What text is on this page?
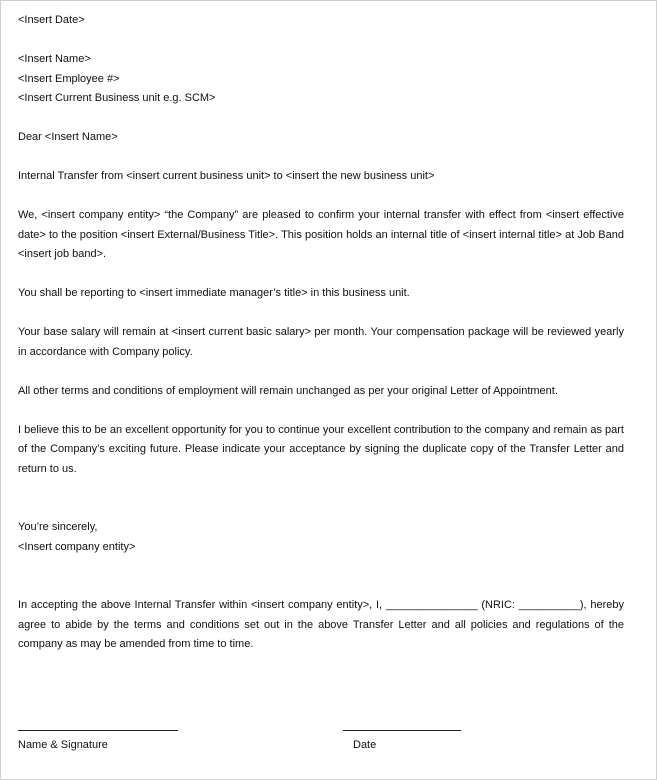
<Insert Date>
<Insert Name>
<Insert Employee #>
<Insert Current Business unit e.g. SCM>
Dear <Insert Name>
Internal Transfer from <insert current business unit> to <insert the new business unit>
We, <insert company entity> “the Company” are pleased to confirm your internal transfer with effect from <insert effective date> to the position <insert External/Business Title>. This position holds an internal title of <insert internal title> at Job Band <insert job band>.
You shall be reporting to <insert immediate manager’s title> in this business unit.
Your base salary will remain at <insert current basic salary> per month. Your compensation package will be reviewed yearly in accordance with Company policy.
All other terms and conditions of employment will remain unchanged as per your original Letter of Appointment.
I believe this to be an excellent opportunity for you to continue your excellent contribution to the company and remain as part of the Company’s exciting future. Please indicate your acceptance by signing the duplicate copy of the Transfer Letter and return to us.
You’re sincerely,
<Insert company entity>
In accepting the above Internal Transfer within <insert company entity>, I, _______________ (NRIC: __________), hereby agree to abide by the terms and conditions set out in the above Transfer Letter and all policies and regulations of the company as may be amended from time to time.
Name & Signature	Date
